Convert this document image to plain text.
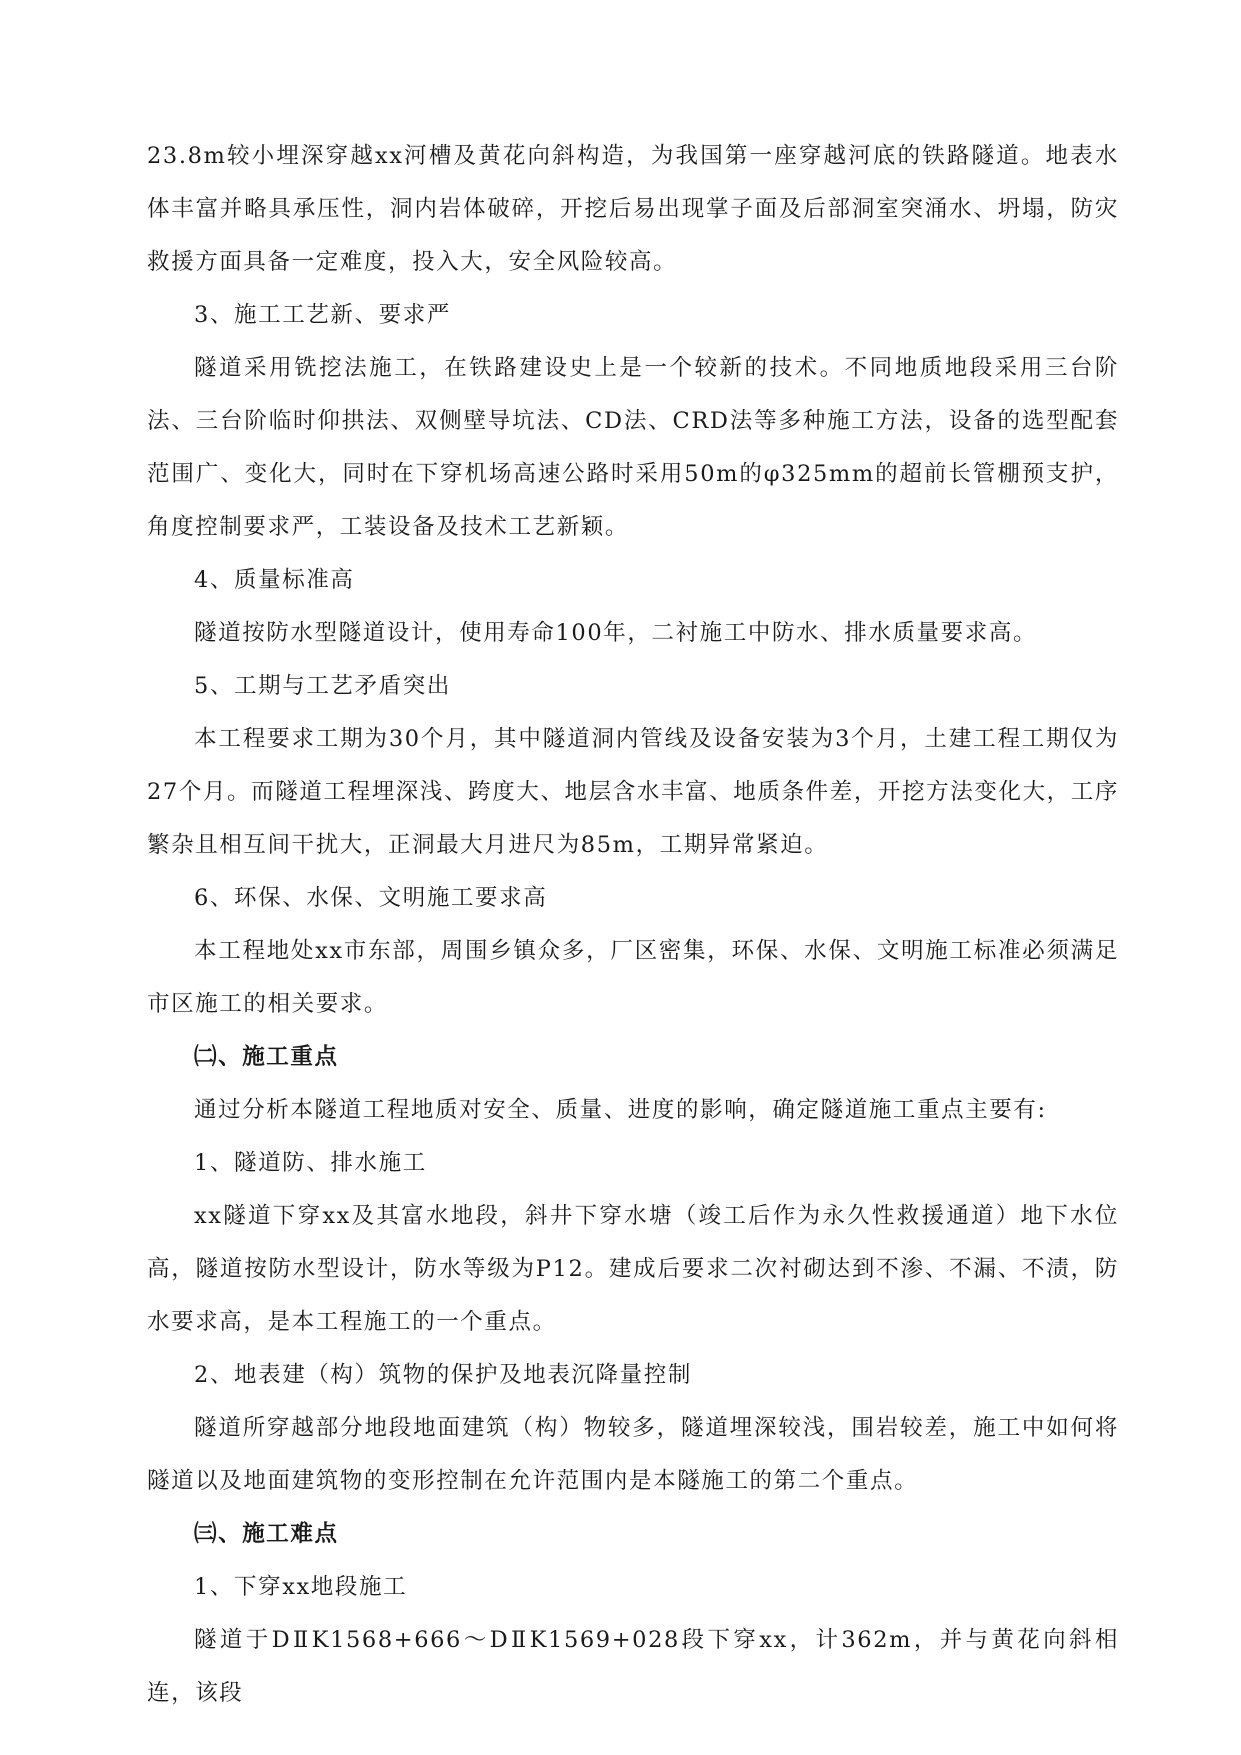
23.8m较小埋深穿越xx河槽及黄花向斜构造，为我国第一座穿越河底的铁路隧道。地表水体丰富并略具承压性，洞内岩体破碎，开挖后易出现掌子面及后部洞室突涌水、坍塌，防灾救援方面具备一定难度，投入大，安全风险较高。

3、施工工艺新、要求严

隧道采用铣挖法施工，在铁路建设史上是一个较新的技术。不同地质地段采用三台阶法、三台阶临时仰拱法、双侧壁导坑法、CD法、CRD法等多种施工方法，设备的选型配套范围广、变化大，同时在下穿机场高速公路时采用50m的φ325mm的超前长管棚预支护，角度控制要求严，工装设备及技术工艺新颖。

4、质量标准高

隧道按防水型隧道设计，使用寿命100年，二衬施工中防水、排水质量要求高。

5、工期与工艺矛盾突出

本工程要求工期为30个月，其中隧道洞内管线及设备安装为3个月，土建工程工期仅为27个月。而隧道工程埋深浅、跨度大、地层含水丰富、地质条件差，开挖方法变化大，工序繁杂且相互间干扰大，正洞最大月进尺为85m，工期异常紧迫。

6、环保、水保、文明施工要求高

本工程地处xx市东部，周围乡镇众多，厂区密集，环保、水保、文明施工标准必须满足市区施工的相关要求。

㈡、施工重点

通过分析本隧道工程地质对安全、质量、进度的影响，确定隧道施工重点主要有:

1、隧道防、排水施工

xx隧道下穿xx及其富水地段，斜井下穿水塘（竣工后作为永久性救援通道）地下水位高，隧道按防水型设计，防水等级为P12。建成后要求二次衬砌达到不渗、不漏、不渍，防水要求高，是本工程施工的一个重点。

2、地表建（构）筑物的保护及地表沉降量控制

隧道所穿越部分地段地面建筑（构）物较多，隧道埋深较浅，围岩较差，施工中如何将隧道以及地面建筑物的变形控制在允许范围内是本隧施工的第二个重点。

㈢、施工难点

1、下穿xx地段施工

隧道于DⅡK1568+666～DⅡK1569+028段下穿xx，计362m，并与黄花向斜相连，该段
